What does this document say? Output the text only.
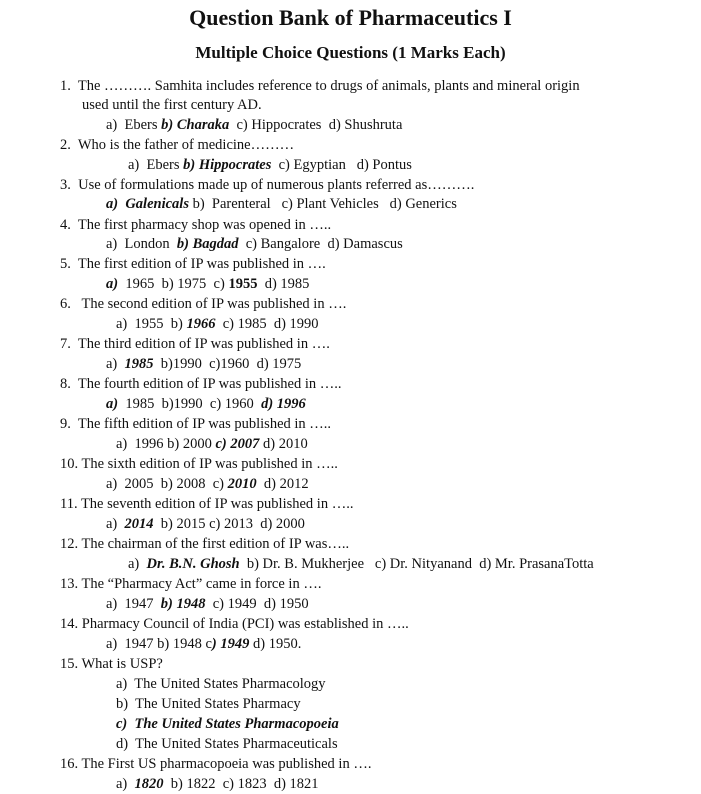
Question Bank of Pharmaceutics I
Multiple Choice Questions (1 Marks Each)
1.  The ………. Samhita includes reference to drugs of animals, plants and mineral origin
used until the first century AD.
a)  Ebers b) Charaka  c) Hippocrates  d) Shushruta
2.  Who is the father of medicine………
a)  Ebers b) Hippocrates  c) Egyptian   d) Pontus
3.  Use of formulations made up of numerous plants referred as……….
a)  Galenicals b)  Parenteral   c) Plant Vehicles   d) Generics
4.  The first pharmacy shop was opened in …..
a)  London  b) Bagdad  c) Bangalore  d) Damascus
5.  The first edition of IP was published in ….
a)  1965  b) 1975  c) 1955  d) 1985
6.   The second edition of IP was published in ….
a)  1955  b) 1966  c) 1985  d) 1990
7.  The third edition of IP was published in ….
a)  1985  b)1990  c)1960  d) 1975
8.  The fourth edition of IP was published in …..
a)  1985  b)1990  c) 1960  d) 1996
9.  The fifth edition of IP was published in …..
a)  1996 b) 2000 c) 2007 d) 2010
10. The sixth edition of IP was published in …..
a)  2005  b) 2008  c) 2010  d) 2012
11. The seventh edition of IP was published in …..
a)  2014  b) 2015 c) 2013  d) 2000
12. The chairman of the first edition of IP was…..
a)  Dr. B.N. Ghosh  b) Dr. B. Mukherjee   c) Dr. Nityanand  d) Mr. PrasanaTotta
13. The “Pharmacy Act” came in force in ….
a)  1947  b) 1948  c) 1949  d) 1950
14. Pharmacy Council of India (PCI) was established in …..
a)  1947 b) 1948 c) 1949 d) 1950.
15. What is USP?
a)  The United States Pharmacology
b)  The United States Pharmacy
c)  The United States Pharmacopoeia
d)  The United States Pharmaceuticals
16. The First US pharmacopoeia was published in ….
a)  1820  b) 1822  c) 1823  d) 1821
